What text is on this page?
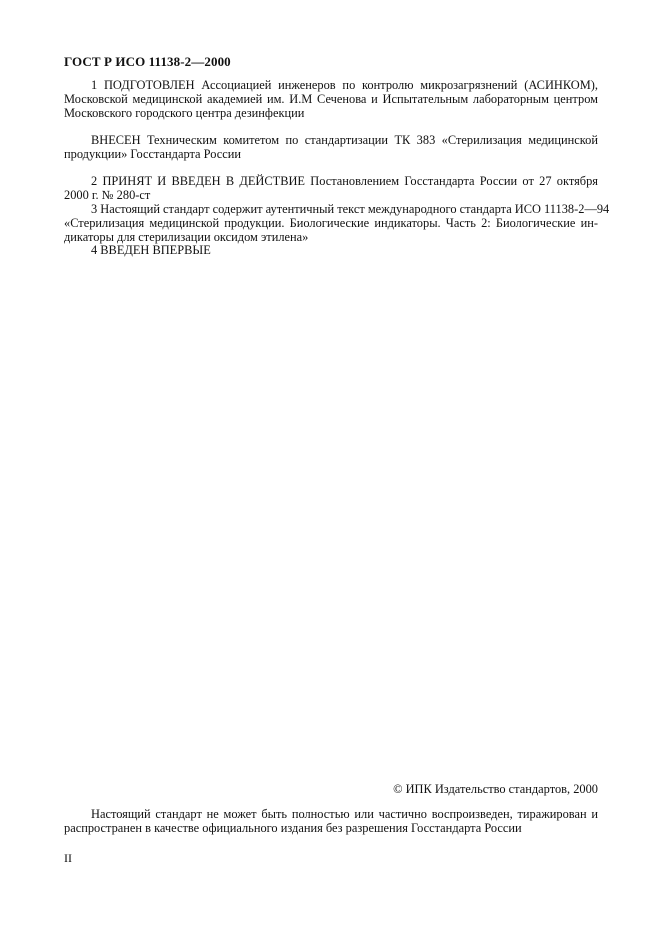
ГОСТ Р ИСО 11138-2—2000
1 ПОДГОТОВЛЕН Ассоциацией инженеров по контролю микрозагрязнений (АСИНКОМ),
Московской медицинской академией им. И.М Сеченова и Испытательным лабораторным центром
Московского городского центра дезинфекции
ВНЕСЕН Техническим комитетом по стандартизации ТК 383 «Стерилизация медицинской
продукции» Госстандарта России
2 ПРИНЯТ И ВВЕДЕН В ДЕЙСТВИЕ Постановлением Госстандарта России от 27 октября
2000 г. № 280-ст
3 Настоящий стандарт содержит аутентичный текст международного стандарта ИСО 11138-2—94
«Стерилизация медицинской продукции. Биологические индикаторы. Часть 2: Биологические ин-
дикаторы для стерилизации оксидом этилена»
4 ВВЕДЕН ВПЕРВЫЕ
© ИПК Издательство стандартов, 2000
Настоящий стандарт не может быть полностью или частично воспроизведен, тиражирован и
распространен в качестве официального издания без разрешения Госстандарта России
II
